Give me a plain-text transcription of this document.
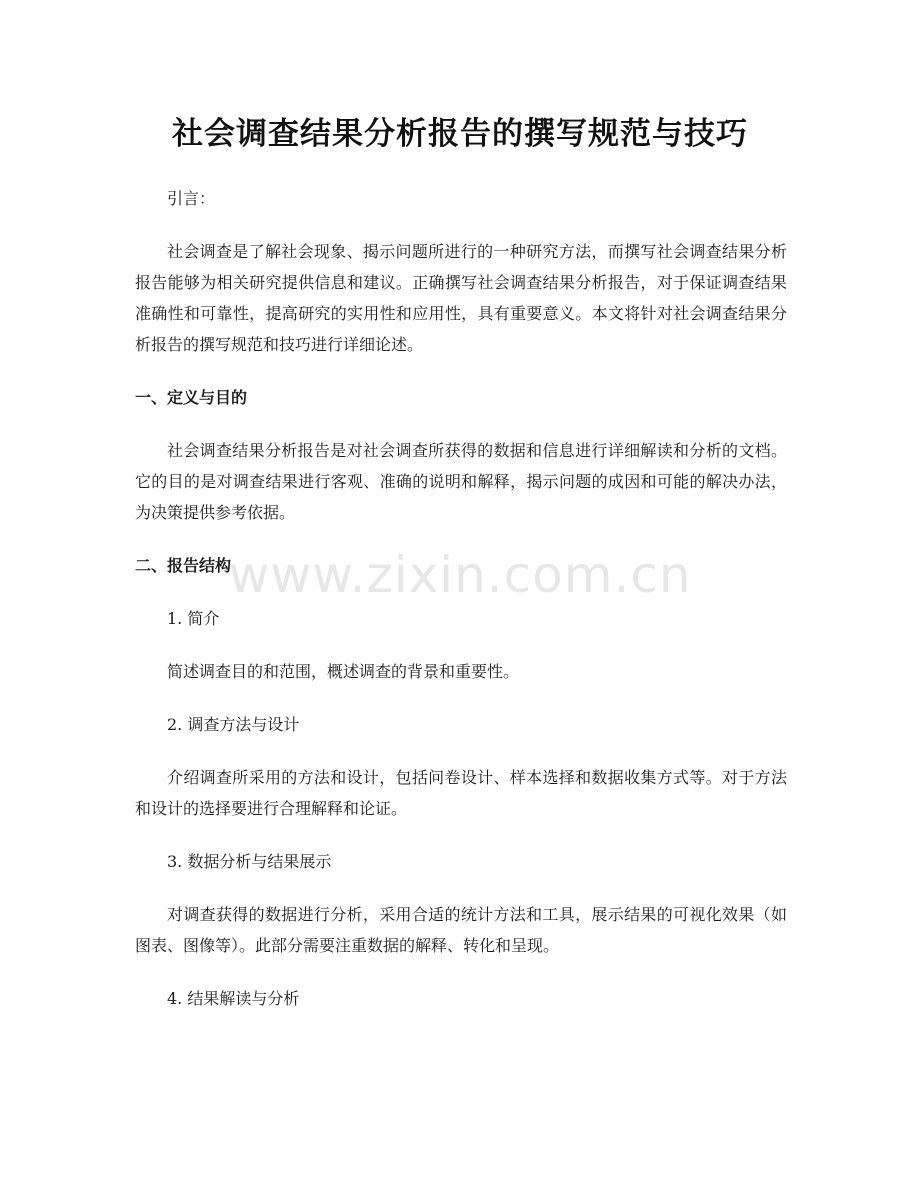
社会调查结果分析报告的撰写规范与技巧

引言：

社会调查是了解社会现象、揭示问题所进行的一种研究方法，而撰写社会调查结果分析报告能够为相关研究提供信息和建议。正确撰写社会调查结果分析报告，对于保证调查结果准确性和可靠性，提高研究的实用性和应用性，具有重要意义。本文将针对社会调查结果分析报告的撰写规范和技巧进行详细论述。

一、定义与目的

社会调查结果分析报告是对社会调查所获得的数据和信息进行详细解读和分析的文档。它的目的是对调查结果进行客观、准确的说明和解释，揭示问题的成因和可能的解决办法，为决策提供参考依据。

二、报告结构

1. 简介

简述调查目的和范围，概述调查的背景和重要性。

2. 调查方法与设计

介绍调查所采用的方法和设计，包括问卷设计、样本选择和数据收集方式等。对于方法和设计的选择要进行合理解释和论证。

3. 数据分析与结果展示

对调查获得的数据进行分析，采用合适的统计方法和工具，展示结果的可视化效果（如图表、图像等）。此部分需要注重数据的解释、转化和呈现。

4. 结果解读与分析

www.zixin.com.cn
